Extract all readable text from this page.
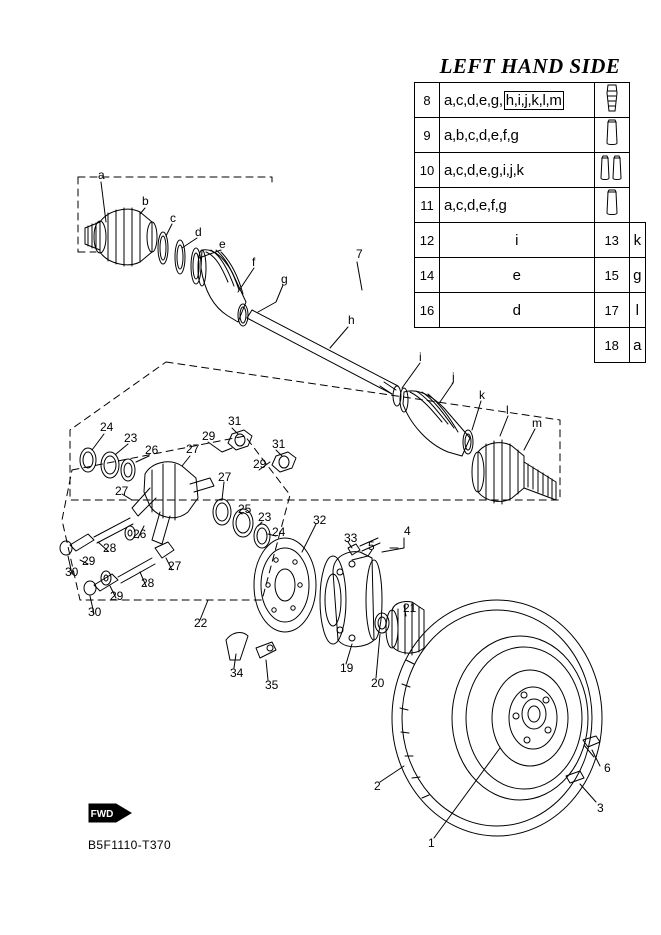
LEFT HAND SIDE
8	a,c,d,e,g, h,i,j,k,l,m	
9	a,b,c,d,e,f,g	
10	a,c,d,e,g,i,j,k	
11	a,c,d,e,f,g	
12	i	13	k
14	e	15	g
16	d	17	l
		18	a
a
b
c
d
e
f
g
h
i
j
k
l
m
7
24
23
26 27
31
29
31
29
27
27
25
23
24
26
28
29
30
28
29
30
27
22
32
33
5
4
21
19
20
34
35
2
1
6
3
FWD
B5F1110-T370
